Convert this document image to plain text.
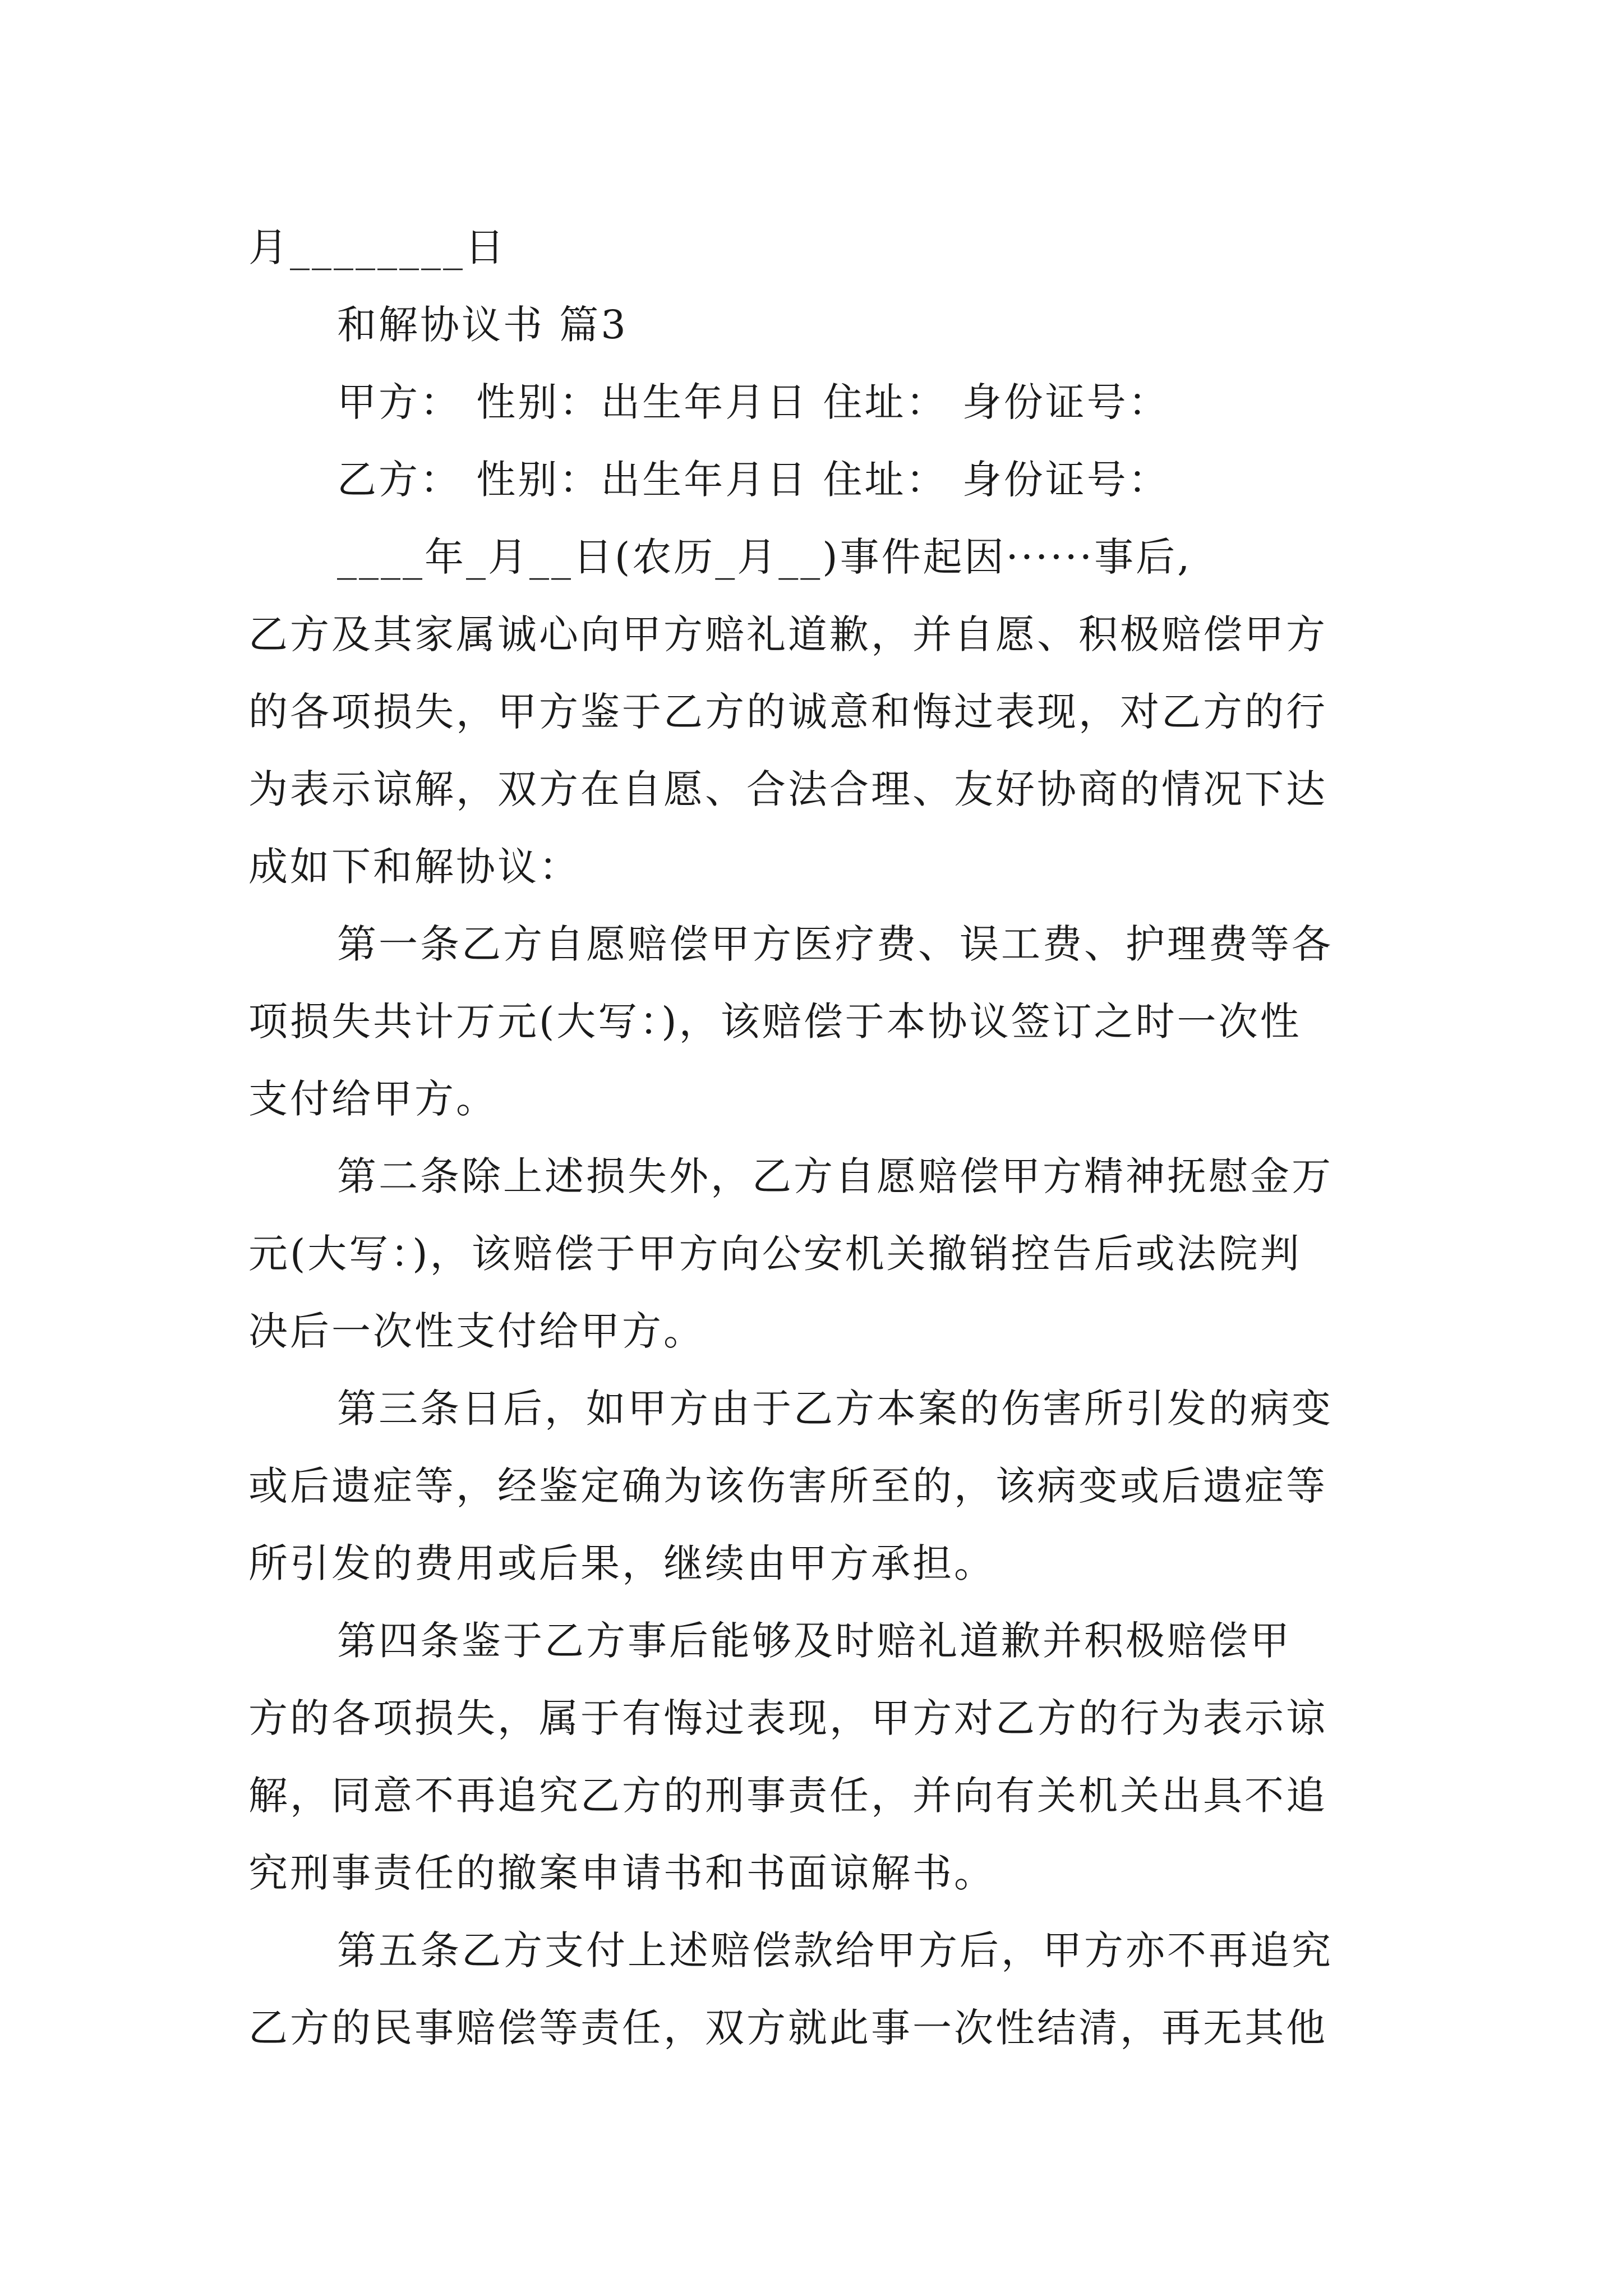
月________日
和解协议书 篇3
甲方： 性别：出生年月日 住址： 身份证号：
乙方： 性别：出生年月日 住址： 身份证号：
____年_月__日(农历_月__)事件起因······事后,
乙方及其家属诚心向甲方赔礼道歉，并自愿、积极赔偿甲方
的各项损失，甲方鉴于乙方的诚意和悔过表现，对乙方的行
为表示谅解，双方在自愿、合法合理、友好协商的情况下达
成如下和解协议：
第一条乙方自愿赔偿甲方医疗费、误工费、护理费等各
项损失共计万元(大写：)，该赔偿于本协议签订之时一次性
支付给甲方。
第二条除上述损失外，乙方自愿赔偿甲方精神抚慰金万
元(大写：)，该赔偿于甲方向公安机关撤销控告后或法院判
决后一次性支付给甲方。
第三条日后，如甲方由于乙方本案的伤害所引发的病变
或后遗症等，经鉴定确为该伤害所至的，该病变或后遗症等
所引发的费用或后果，继续由甲方承担。
第四条鉴于乙方事后能够及时赔礼道歉并积极赔偿甲
方的各项损失，属于有悔过表现，甲方对乙方的行为表示谅
解，同意不再追究乙方的刑事责任，并向有关机关出具不追
究刑事责任的撤案申请书和书面谅解书。
第五条乙方支付上述赔偿款给甲方后，甲方亦不再追究
乙方的民事赔偿等责任，双方就此事一次性结清，再无其他
